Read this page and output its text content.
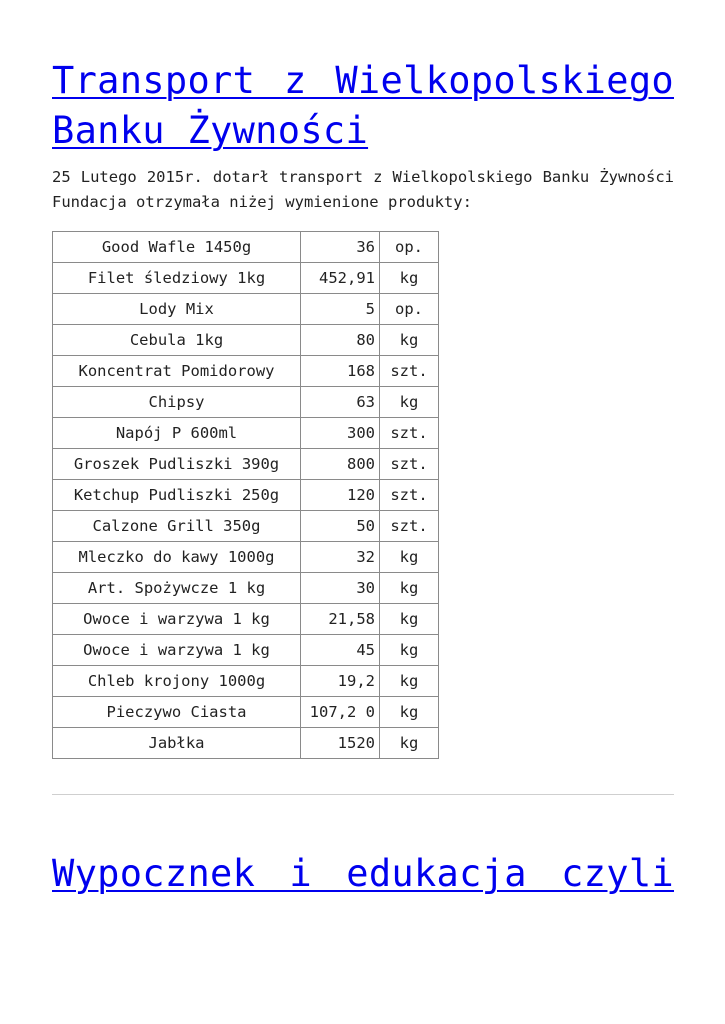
Transport z Wielkopolskiego Banku Żywności

25 Lutego 2015r. dotarł transport z Wielkopolskiego Banku Żywności Fundacja otrzymała niżej wymienione produkty:

Good Wafle 1450g	36	op.
Filet śledziowy 1kg	452,91	kg
Lody Mix	5	op.
Cebula 1kg	80	kg
Koncentrat Pomidorowy	168	szt.
Chipsy	63	kg
Napój P 600ml	300	szt.
Groszek Pudliszki 390g	800	szt.
Ketchup Pudliszki 250g	120	szt.
Calzone Grill 350g	50	szt.
Mleczko do kawy 1000g	32	kg
Art. Spożywcze 1 kg	30	kg
Owoce i warzywa 1 kg	21,58	kg
Owoce i warzywa 1 kg	45	kg
Chleb krojony 1000g	19,2	kg
Pieczywo Ciasta	107,2 0	kg
Jabłka	1520	kg
Wypocznek i edukacja czyli
